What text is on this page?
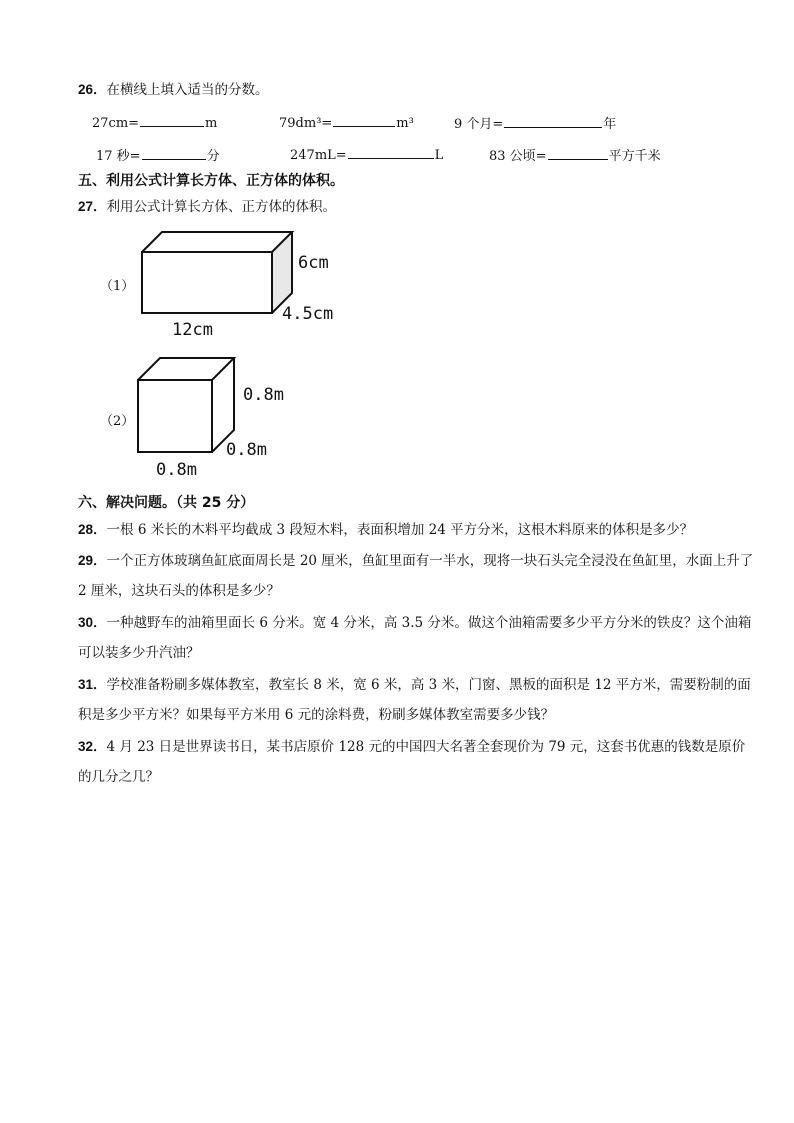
26．在横线上填入适当的分数。
27cm=	m	79dm³=	m³	9 个月=	年
17 秒=	分	247mL=	L	83 公顷=	平方千米
五、利用公式计算长方体、正方体的体积。
27．利用公式计算长方体、正方体的体积。
（1）
6cm
4.5cm
12cm
（2）
0.8m
0.8m
0.8m
六、解决问题。（共 25 分）
28．一根 6 米长的木料平均截成 3 段短木料，表面积增加 24 平方分米，这根木料原来的体积是多少？
29．一个正方体玻璃鱼缸底面周长是 20 厘米，鱼缸里面有一半水，现将一块石头完全浸没在鱼缸里，水面上升了 2 厘米，这块石头的体积是多少？
30．一种越野车的油箱里面长 6 分米。宽 4 分米，高 3.5 分米。做这个油箱需要多少平方分米的铁皮？这个油箱可以装多少升汽油？
31．学校准备粉刷多媒体教室，教室长 8 米，宽 6 米，高 3 米，门窗、黑板的面积是 12 平方米，需要粉制的面积是多少平方米？如果每平方米用 6 元的涂料费，粉刷多媒体教室需要多少钱？
32．4 月 23 日是世界读书日，某书店原价 128 元的中国四大名著全套现价为 79 元，这套书优惠的钱数是原价的几分之几？
